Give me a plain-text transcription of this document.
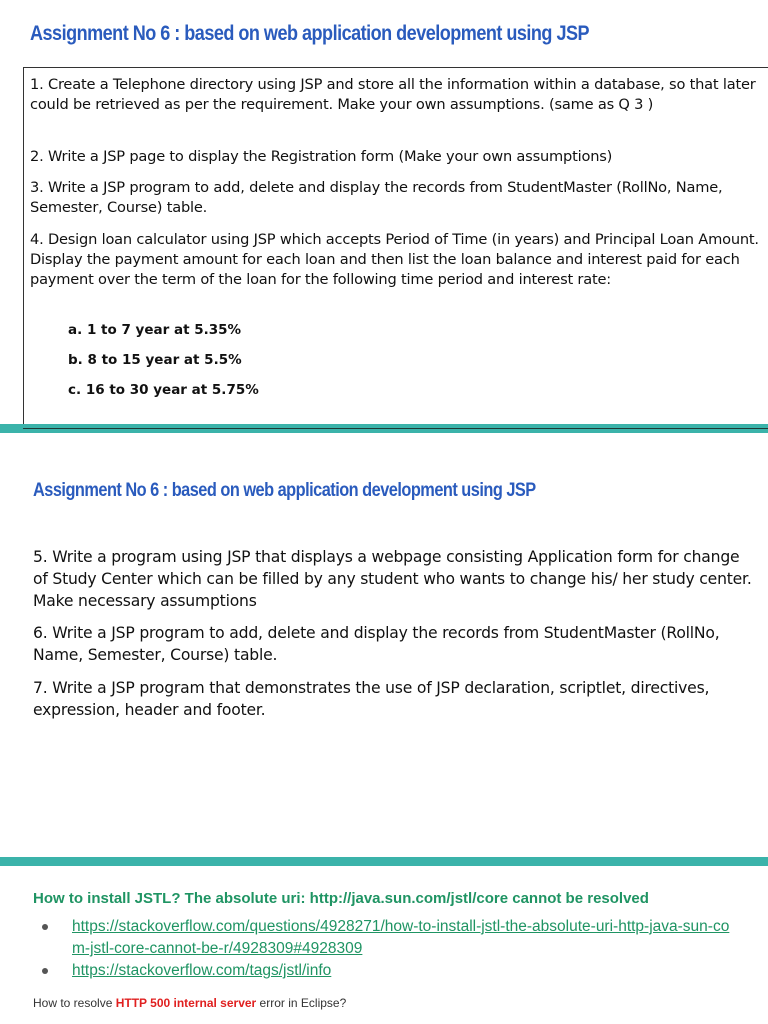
Assignment No 6 : based on web application development using JSP
1. Create a Telephone directory using JSP and store all the information within a database, so that later could be retrieved as per the requirement. Make your own assumptions. (same as Q 3 )
2. Write a JSP page to display the Registration form (Make your own assumptions)
3. Write a JSP program to add, delete and display the records from StudentMaster (RollNo, Name, Semester, Course) table.
4. Design loan calculator using JSP which accepts Period of Time (in years) and Principal Loan Amount. Display the payment amount for each loan and then list the loan balance and interest paid for each payment over the term of the loan for the following time period and interest rate:
a. 1 to 7 year at 5.35%
b. 8 to 15 year at 5.5%
c. 16 to 30 year at 5.75%
Assignment No 6 : based on web application development using JSP
5. Write a program using JSP that displays a webpage consisting Application form for change of Study Center which can be filled by any student who wants to change his/ her study center. Make necessary assumptions
6. Write a JSP program to add, delete and display the records from StudentMaster (RollNo, Name, Semester, Course) table.
7. Write a JSP program that demonstrates the use of JSP declaration, scriptlet, directives, expression, header and footer.
How to install JSTL? The absolute uri: http://java.sun.com/jstl/core cannot be resolved
https://stackoverflow.com/questions/4928271/how-to-install-jstl-the-absolute-uri-http-java-sun-com-jstl-core-cannot-be-r/4928309#4928309
https://stackoverflow.com/tags/jstl/info
How to resolve HTTP 500 internal server error in Eclipse?
